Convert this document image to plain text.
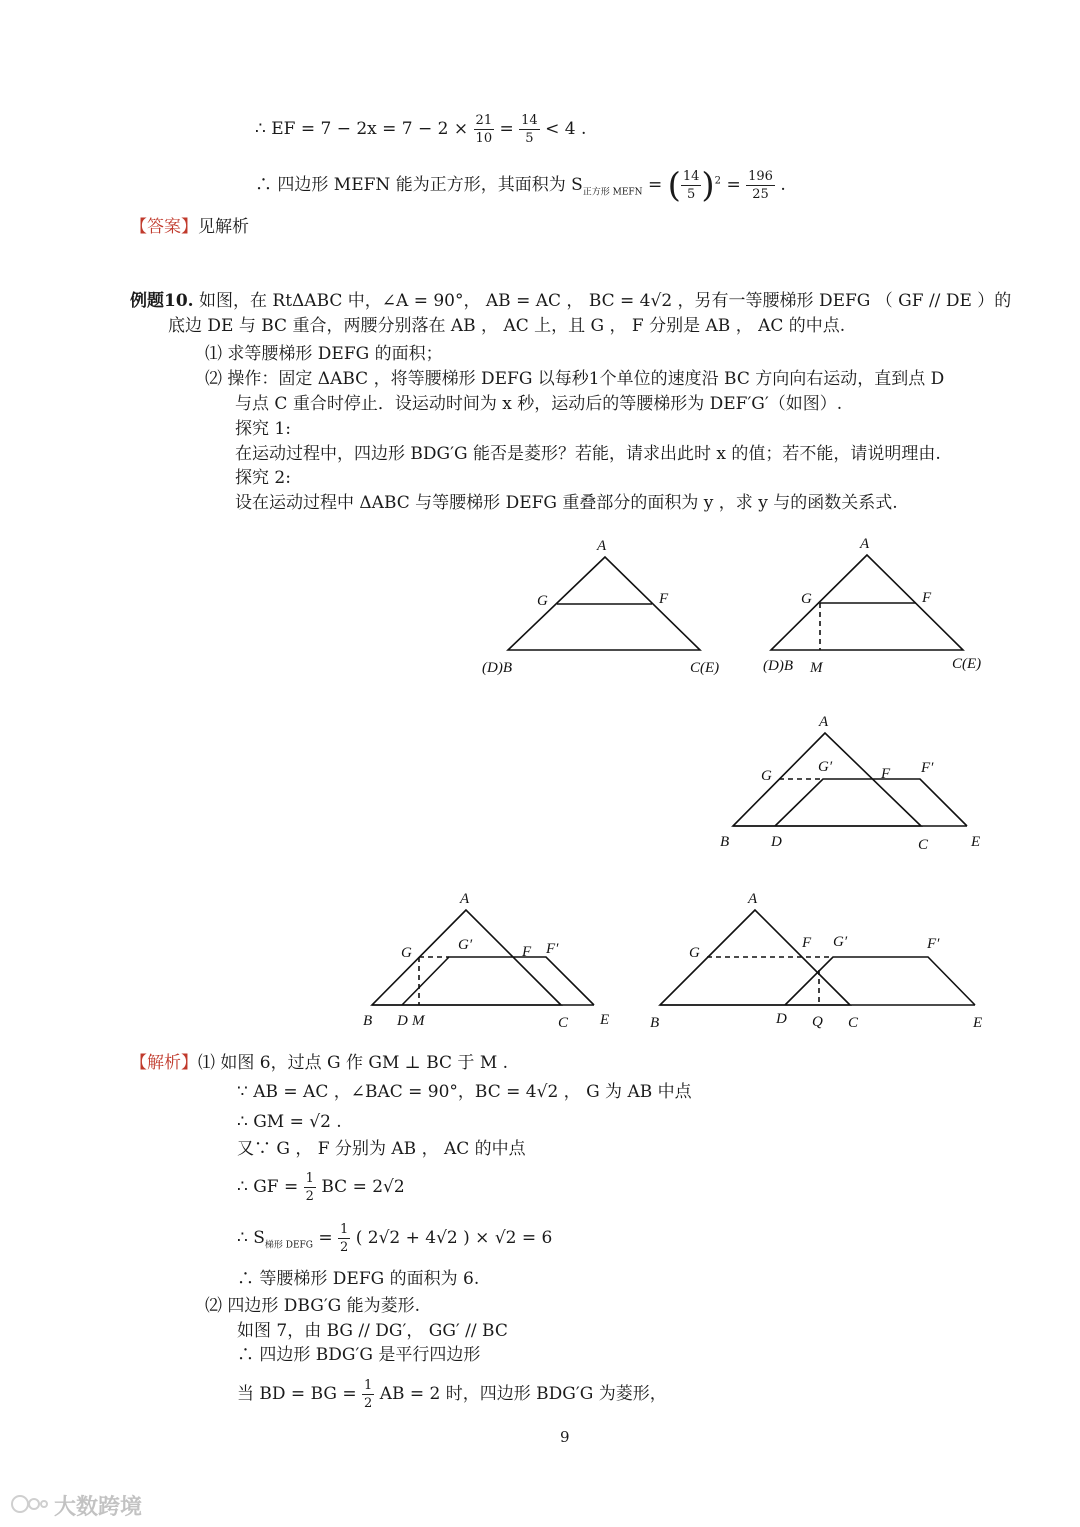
∴ EF = $7 - 2x = 7 - 2 \times \frac{21}{10} = \frac{14}{5} < 4$ .
∴ 四边形 MEFN 能为正方形，其面积为 $S_{正方形 MEFN}$ = ( $\frac{14}{5} )^2 = \frac{196}{25}$ .
【答案】见解析
例题10. 如图，在 RtΔABC 中，∠A = 90°， AB = AC ， BC = 4√2 ，另有一等腰梯形 DEFG （ GF // DE ）的
底边 DE 与 BC 重合，两腰分别落在 AB ， AC 上，且 G ， F 分别是 AB ， AC 的中点.
⑴ 求等腰梯形 DEFG 的面积；
⑵ 操作：固定 ΔABC ，将等腰梯形 DEFG 以每秒1个单位的速度沿 BC 方向向右运动，直到点 D
与点 C 重合时停止．设运动时间为 x 秒，运动后的等腰梯形为 DEF′G′（如图）.
探究 1:
在运动过程中，四边形 BDG′G 能否是菱形？若能，请求出此时 x 的值；若不能，请说明理由.
探究 2:
设在运动过程中 ΔABC 与等腰梯形 DEFG 重叠部分的面积为 y ，求 y 与的函数关系式.
A
G	F
(D)B	C(E)
A
G	F
(D)B M	C(E)
A
G
G′	F F′
B	D	C	E
A
G	G′	F F′
B D M	C E
A
G
F G′	F′
B	D Q C	E
【解析】⑴ 如图 6，过点 G 作 GM ⊥ BC 于 M .
∵ AB = AC ，∠BAC = 90°，BC = 4√2 ， G 为 AB 中点
∴ GM = √2 .
又∵ G ， F 分别为 AB ， AC 的中点
∴ GF = $\frac{1}{2}$ BC = 2√2
∴ $S_{梯形 DEFG} = \frac{1}{2}$ ( 2√2 + 4√2 ) × √2 = 6
∴ 等腰梯形 DEFG 的面积为 6.
⑵ 四边形 DBG′G 能为菱形.
如图 7，由 BG // DG′， GG′ // BC
∴ 四边形 BDG′G 是平行四边形
当 BD = BG = $\frac{1}{2}$ AB = 2 时，四边形 BDG′G 为菱形，
9
大数跨境
